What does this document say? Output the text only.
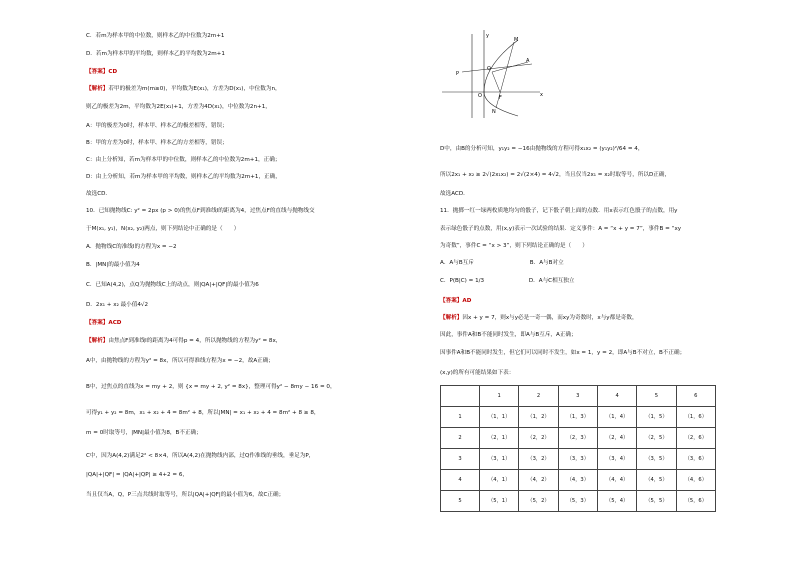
C．若m为样本甲的中位数，则样本乙的中位数为2m+1
D．若m为样本甲的平均数，则样本乙的平均数为2m+1
【答案】CD
【解析】若甲的极差为m(m≥0)，平均数为E(x₁)，方差为D(x₁)，中位数为n，
则乙的极差为2m，平均数为2E(x₁)+1，方差为4D(x₁)，中位数为2n+1，
A：甲的极差为0时，样本甲、样本乙的极差相等，错误；
B：甲的方差为0时，样本甲、样本乙的方差相等，错误；
C：由上分析知，若m为样本甲的中位数，则样本乙的中位数为2m+1，正确；
D：由上分析知，若m为样本甲的平均数，则样本乙的平均数为2m+1，正确，
故选CD．
10．已知抛物线C: y² = 2px (p > 0)的焦点F到准线l的距离为4，过焦点F的直线与抛物线交
于M(x₁, y₁)，N(x₂, y₂)两点，则下列结论中正确的是（　　）
A．抛物线C的准线l的方程为x = −2
B．|MN|的最小值为4
C．已知A(4,2)，点Q为抛物线C上的动点，则|QA|+|QF|的最小值为6
D．2x₁ + x₂ 最小值4√2
【答案】ACD
【解析】由焦点F到准线l的距离为4可得p = 4，所以抛物线的方程为y² = 8x，
A中，由抛物线的方程为y² = 8x，所以可得准线方程为x = −2，故A正确；
B中，过焦点的直线为x = my + 2，则 {x = my + 2, y² = 8x}，整理可得y² − 8my − 16 = 0，
可得y₁ + y₂ = 8m，x₁ + x₂ + 4 = 8m² + 8，所以|MN| = x₁ + x₂ + 4 = 8m² + 8 ≥ 8，
m = 0时取等号，|MN|最小值为8，B不正确；
C中，因为A(4,2)满足2² < 8×4，所以A(4,2)在抛物线内部，过Q作准线的垂线，垂足为P，
|QA|+|QF| = |QA|+|QP| ≥ 4+2 = 6，
当且仅当A，Q，P三点共线时取等号，所以|QA|+|QF|的最小值为6，故C正确；
y
M
A
Q
P
O	F
N
x
D中，由B的分析可知，y₁y₂ = −16由抛物线的方程可得x₁x₂ = (y₁y₂)²/64 = 4，
所以2x₁ + x₂ ≥ 2√(2x₁x₂) = 2√(2×4) = 4√2，当且仅当2x₁ = x₂时取等号，所以D正确，
故选ACD．
11．抛掷一红一绿两枚质地均匀的骰子，记下骰子朝上面的点数．用x表示红色骰子的点数，用y
表示绿色骰子的点数，用(x,y)表示一次试验的结果．定义事件：A = “x + y = 7”，事件B = “xy
为奇数”，事件C = “x > 3”，则下列结论正确的是（　　）
A．A与B互斥　　　　　　　　　　B．A与B对立
C．P(B|C) = 1/3　　　　　　　　D．A与C相互独立
【答案】AD
【解析】因x + y = 7，则x与y必是一奇一偶，而xy为奇数时，x与y都是奇数，
因此，事件A和B不能同时发生，即A与B互斥，A正确；
因事件A和B不能同时发生，但它们可以同时不发生，如x = 1，y = 2，即A与B不对立，B不正确；
(x,y)的所有可能结果如下表：
	1	2	3	4	5	6
1	（1，1）	（1，2）	（1，3）	（1，4）	（1，5）	（1，6）
2	（2，1）	（2，2）	（2，3）	（2，4）	（2，5）	（2，6）
3	（3，1）	（3，2）	（3，3）	（3，4）	（3，5）	（3，6）
4	（4，1）	（4，2）	（4，3）	（4，4）	（4，5）	（4，6）
5	（5，1）	（5，2）	（5，3）	（5，4）	（5，5）	（5，6）
